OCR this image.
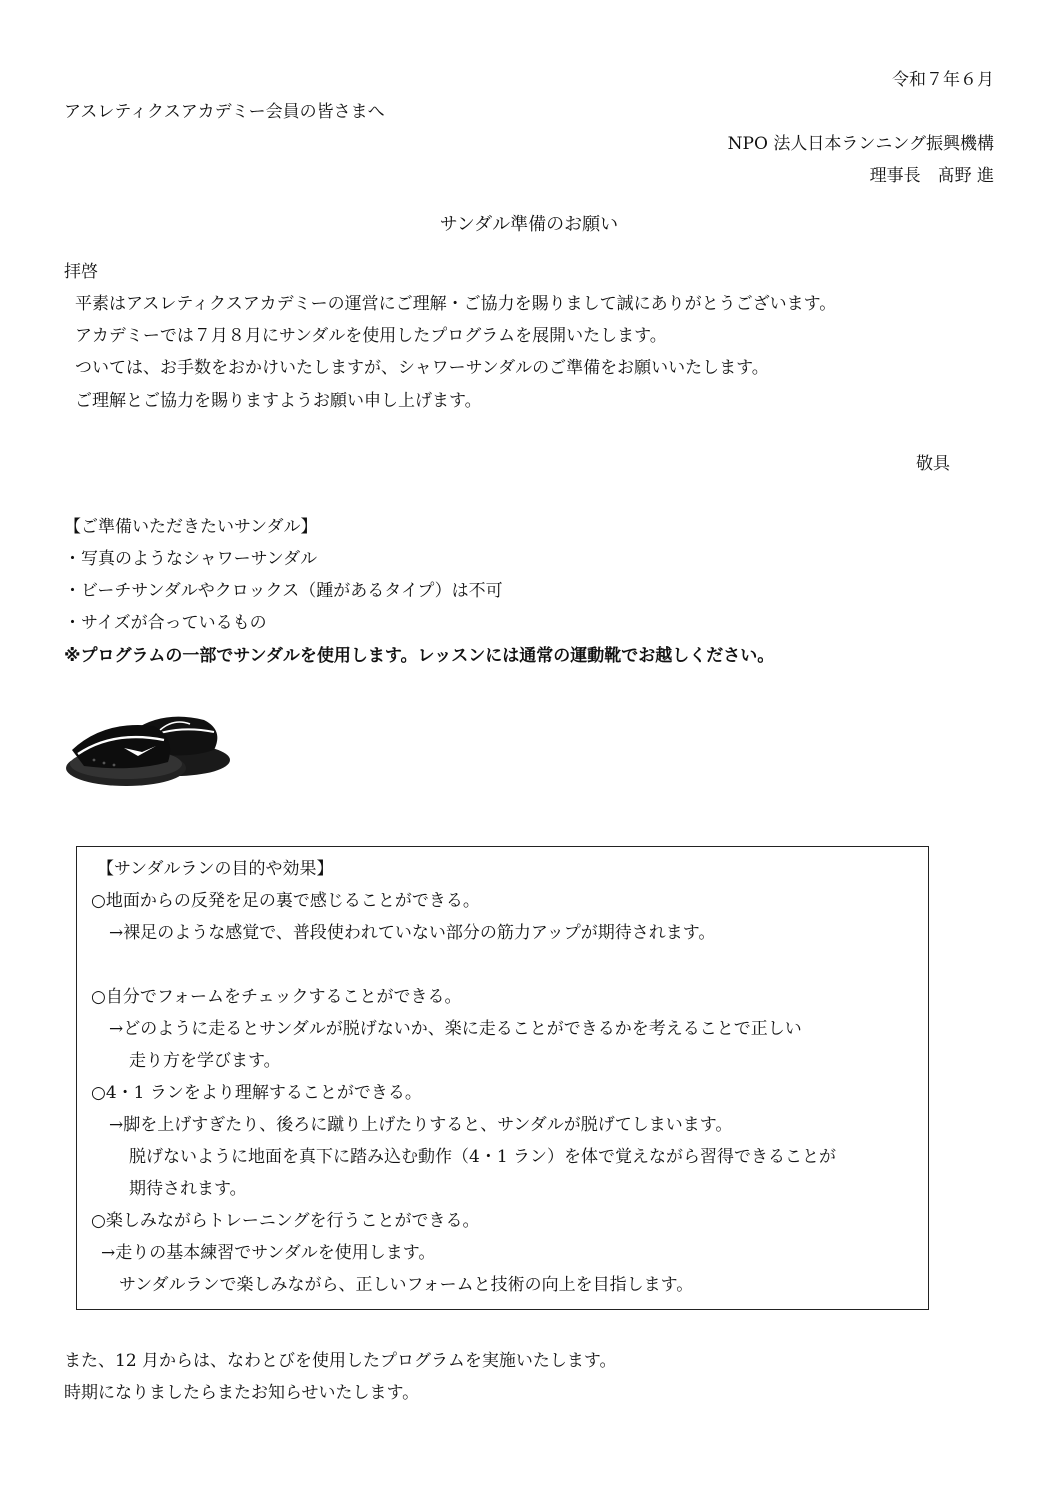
令和７年６月
アスレティクスアカデミー会員の皆さまへ
NPO 法人日本ランニング振興機構
理事長　髙野 進
サンダル準備のお願い
拝啓
平素はアスレティクスアカデミーの運営にご理解・ご協力を賜りまして誠にありがとうございます。
アカデミーでは７月８月にサンダルを使用したプログラムを展開いたします。
ついては、お手数をおかけいたしますが、シャワーサンダルのご準備をお願いいたします。
ご理解とご協力を賜りますようお願い申し上げます。
敬具
【ご準備いただきたいサンダル】
・写真のようなシャワーサンダル
・ビーチサンダルやクロックス（踵があるタイプ）は不可
・サイズが合っているもの
※プログラムの一部でサンダルを使用します。レッスンには通常の運動靴でお越しください。
【サンダルランの目的や効果】
○地面からの反発を足の裏で感じることができる。
→裸足のような感覚で、普段使われていない部分の筋力アップが期待されます。
○自分でフォームをチェックすることができる。
→どのように走るとサンダルが脱げないか、楽に走ることができるかを考えることで正しい
走り方を学びます。
○4・1 ランをより理解することができる。
→脚を上げすぎたり、後ろに蹴り上げたりすると、サンダルが脱げてしまいます。
脱げないように地面を真下に踏み込む動作（4・1 ラン）を体で覚えながら習得できることが
期待されます。
○楽しみながらトレーニングを行うことができる。
→走りの基本練習でサンダルを使用します。
サンダルランで楽しみながら、正しいフォームと技術の向上を目指します。
また、12 月からは、なわとびを使用したプログラムを実施いたします。
時期になりましたらまたお知らせいたします。
